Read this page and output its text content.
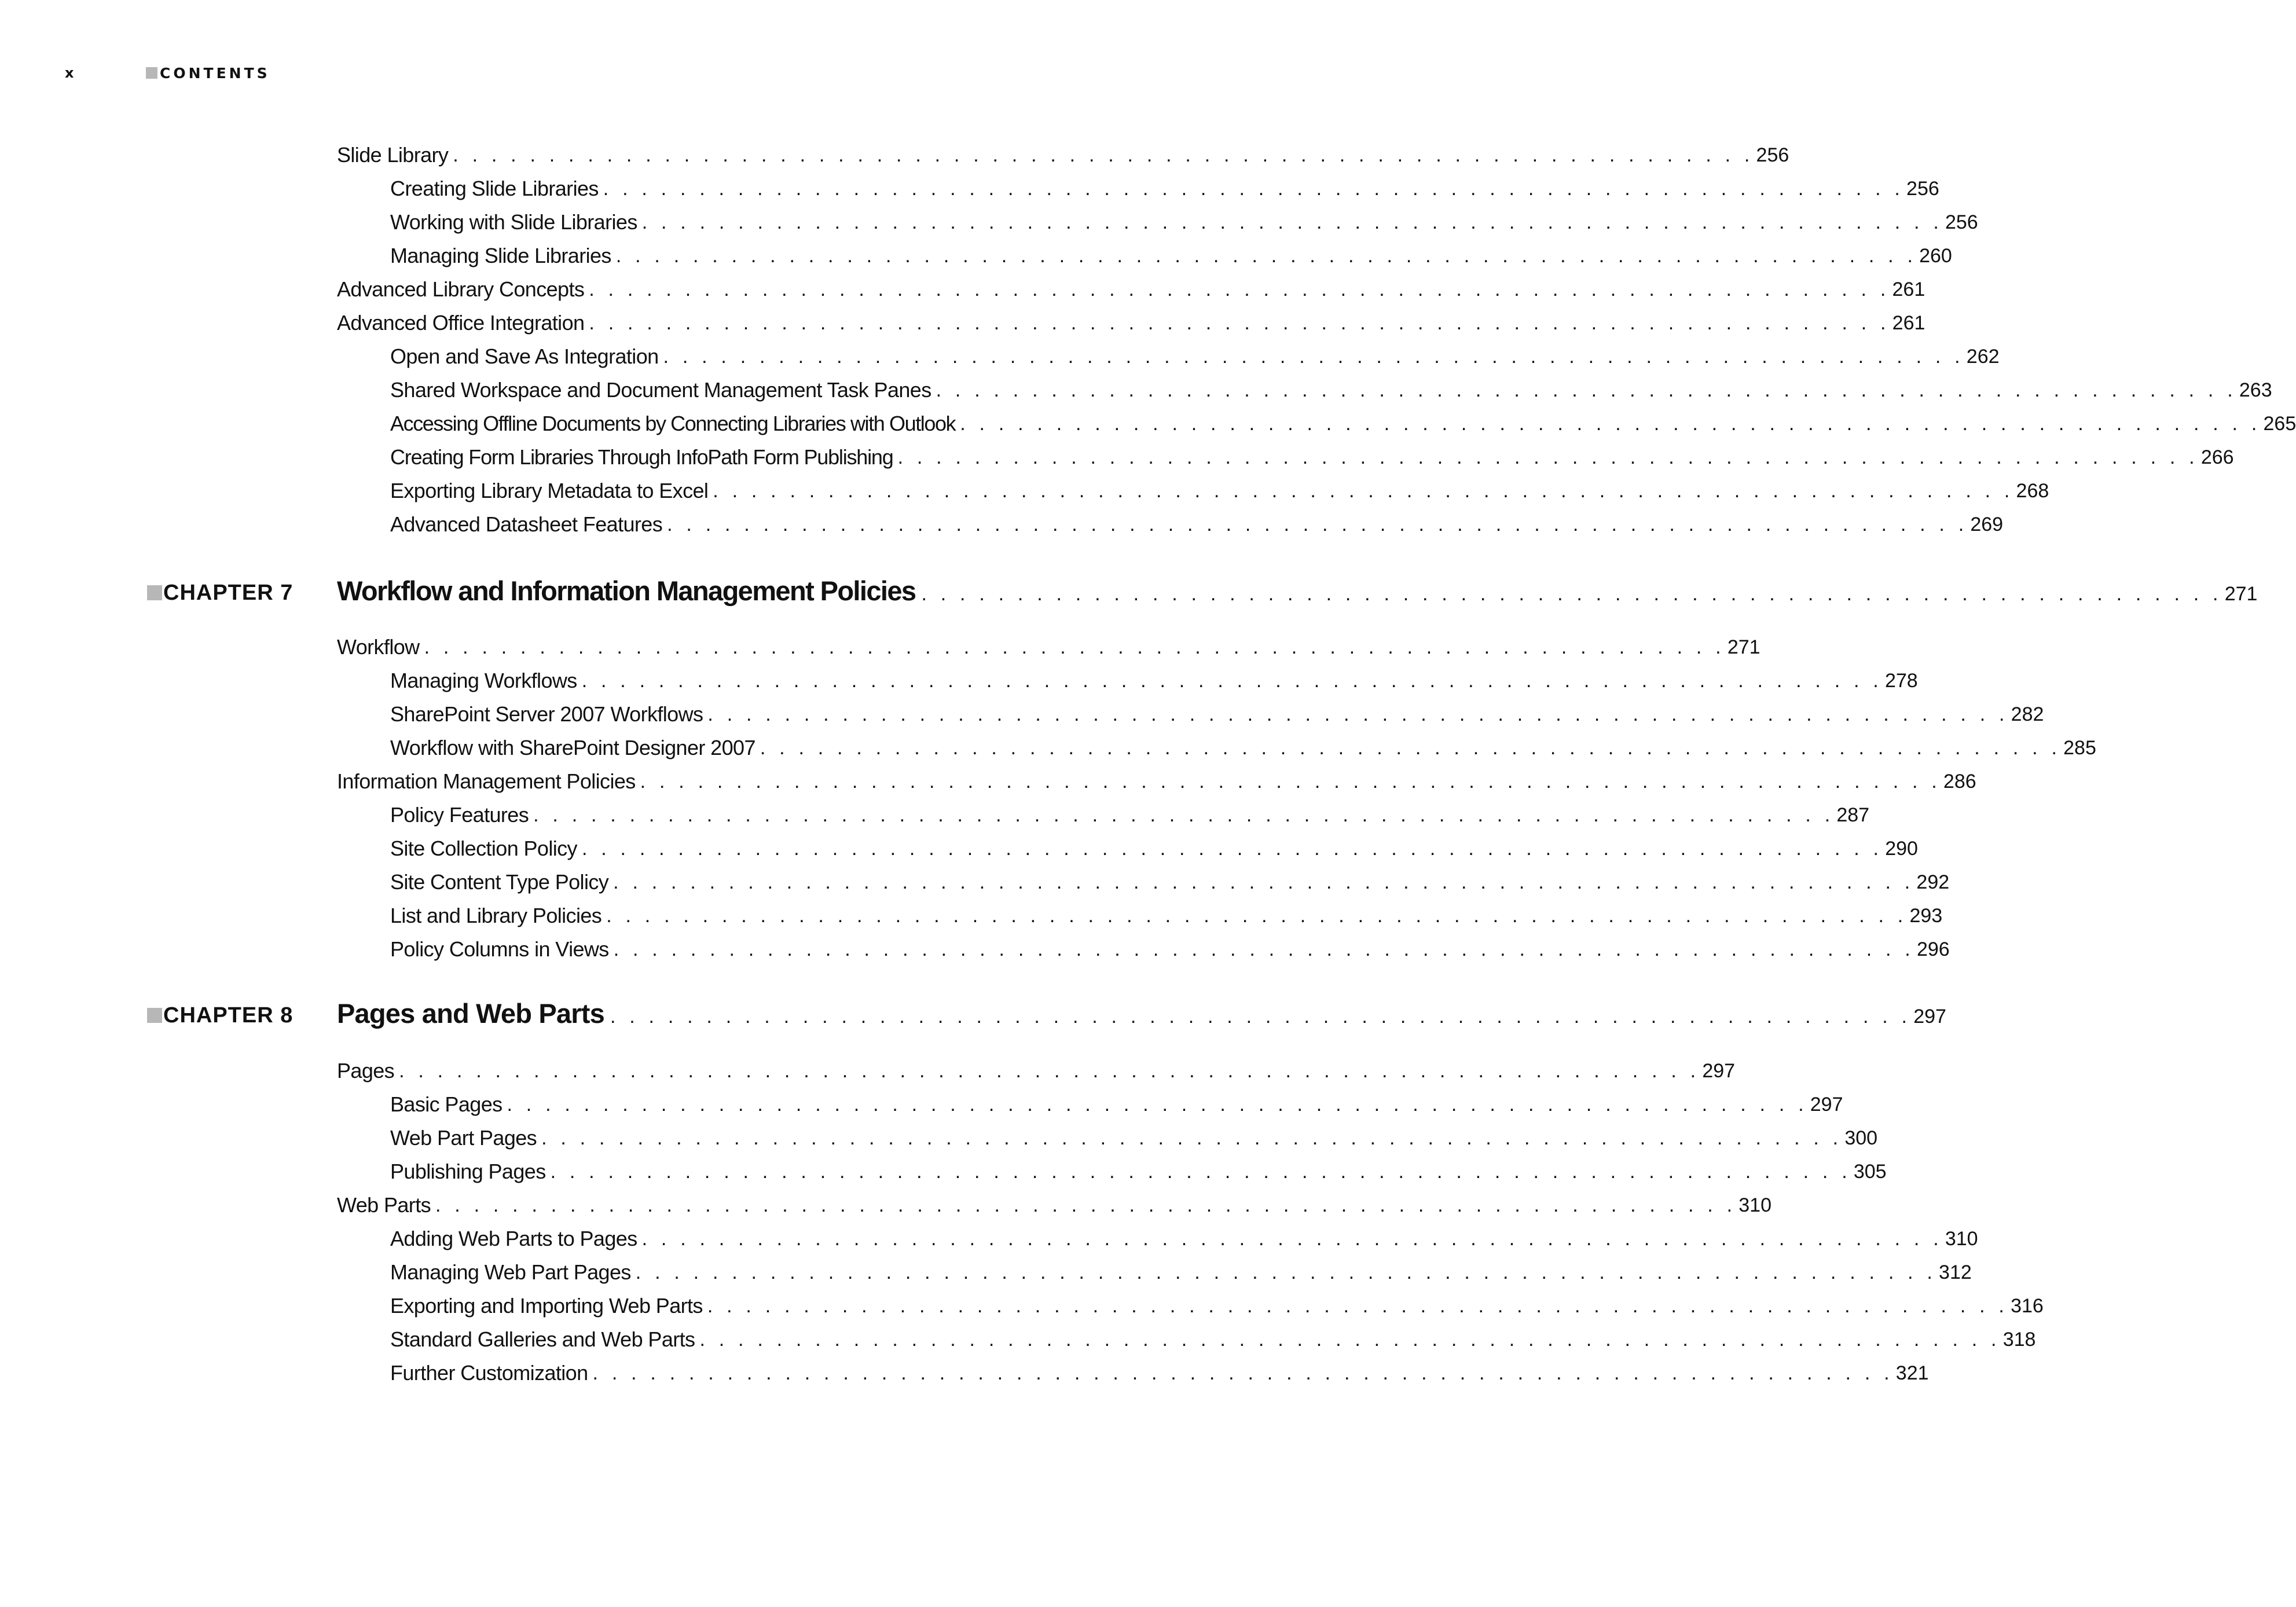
x	CONTENTS
Slide Library . . . . . . . . . . . . . . . . . . . . . . . . . . . . . . . . . . . . . . . . . . . . . . . . . . . . . . . . . . . . . . . . . . . . 256
Creating Slide Libraries . . . . . . . . . . . . . . . . . . . . . . . . . . . . . . . . . . . . . . . . . . . . . . . . . . . . . . . . . . . . . . . . . . . . 256
Working with Slide Libraries . . . . . . . . . . . . . . . . . . . . . . . . . . . . . . . . . . . . . . . . . . . . . . . . . . . . . . . . . . . . . . . . . . . . 256
Managing Slide Libraries . . . . . . . . . . . . . . . . . . . . . . . . . . . . . . . . . . . . . . . . . . . . . . . . . . . . . . . . . . . . . . . . . . . . 260
Advanced Library Concepts . . . . . . . . . . . . . . . . . . . . . . . . . . . . . . . . . . . . . . . . . . . . . . . . . . . . . . . . . . . . . . . . . . . . 261
Advanced Office Integration . . . . . . . . . . . . . . . . . . . . . . . . . . . . . . . . . . . . . . . . . . . . . . . . . . . . . . . . . . . . . . . . . . . . 261
Open and Save As Integration . . . . . . . . . . . . . . . . . . . . . . . . . . . . . . . . . . . . . . . . . . . . . . . . . . . . . . . . . . . . . . . . . . . . 262
Shared Workspace and Document Management Task Panes . . . . . . . . . . . . . . . . . . . . . . . . . . . . . . . . . . . . . . . . . . . . . . . . . . . . . . . . . . . . . . . . . . . . 263
Accessing Offline Documents by Connecting Libraries with Outlook . . . . . . . . . . . . . . . . . . . . . . . . . . . . . . . . . . . . . . . . . . . . . . . . . . . . . . . . . . . . . . . . . . . . 265
Creating Form Libraries Through InfoPath Form Publishing . . . . . . . . . . . . . . . . . . . . . . . . . . . . . . . . . . . . . . . . . . . . . . . . . . . . . . . . . . . . . . . . . . . . 266
Exporting Library Metadata to Excel . . . . . . . . . . . . . . . . . . . . . . . . . . . . . . . . . . . . . . . . . . . . . . . . . . . . . . . . . . . . . . . . . . . . 268
Advanced Datasheet Features . . . . . . . . . . . . . . . . . . . . . . . . . . . . . . . . . . . . . . . . . . . . . . . . . . . . . . . . . . . . . . . . . . . . 269
CHAPTER 7 Workflow and Information Management Policies . . . . . . . . . . . . . . . . . . . . . . . . . . . . . . . . . . . . . . . . . . . . . . . . . . . . . . . . . . . . . . . . . . . . 271
Workflow . . . . . . . . . . . . . . . . . . . . . . . . . . . . . . . . . . . . . . . . . . . . . . . . . . . . . . . . . . . . . . . . . . . . 271
Managing Workflows . . . . . . . . . . . . . . . . . . . . . . . . . . . . . . . . . . . . . . . . . . . . . . . . . . . . . . . . . . . . . . . . . . . . 278
SharePoint Server 2007 Workflows . . . . . . . . . . . . . . . . . . . . . . . . . . . . . . . . . . . . . . . . . . . . . . . . . . . . . . . . . . . . . . . . . . . . 282
Workflow with SharePoint Designer 2007 . . . . . . . . . . . . . . . . . . . . . . . . . . . . . . . . . . . . . . . . . . . . . . . . . . . . . . . . . . . . . . . . . . . . 285
Information Management Policies . . . . . . . . . . . . . . . . . . . . . . . . . . . . . . . . . . . . . . . . . . . . . . . . . . . . . . . . . . . . . . . . . . . . 286
Policy Features . . . . . . . . . . . . . . . . . . . . . . . . . . . . . . . . . . . . . . . . . . . . . . . . . . . . . . . . . . . . . . . . . . . . 287
Site Collection Policy . . . . . . . . . . . . . . . . . . . . . . . . . . . . . . . . . . . . . . . . . . . . . . . . . . . . . . . . . . . . . . . . . . . . 290
Site Content Type Policy . . . . . . . . . . . . . . . . . . . . . . . . . . . . . . . . . . . . . . . . . . . . . . . . . . . . . . . . . . . . . . . . . . . . 292
List and Library Policies . . . . . . . . . . . . . . . . . . . . . . . . . . . . . . . . . . . . . . . . . . . . . . . . . . . . . . . . . . . . . . . . . . . . 293
Policy Columns in Views . . . . . . . . . . . . . . . . . . . . . . . . . . . . . . . . . . . . . . . . . . . . . . . . . . . . . . . . . . . . . . . . . . . . 296
CHAPTER 8 Pages and Web Parts . . . . . . . . . . . . . . . . . . . . . . . . . . . . . . . . . . . . . . . . . . . . . . . . . . . . . . . . . . . . . . . . . . . . 297
Pages . . . . . . . . . . . . . . . . . . . . . . . . . . . . . . . . . . . . . . . . . . . . . . . . . . . . . . . . . . . . . . . . . . . . 297
Basic Pages . . . . . . . . . . . . . . . . . . . . . . . . . . . . . . . . . . . . . . . . . . . . . . . . . . . . . . . . . . . . . . . . . . . . 297
Web Part Pages . . . . . . . . . . . . . . . . . . . . . . . . . . . . . . . . . . . . . . . . . . . . . . . . . . . . . . . . . . . . . . . . . . . . 300
Publishing Pages . . . . . . . . . . . . . . . . . . . . . . . . . . . . . . . . . . . . . . . . . . . . . . . . . . . . . . . . . . . . . . . . . . . . 305
Web Parts . . . . . . . . . . . . . . . . . . . . . . . . . . . . . . . . . . . . . . . . . . . . . . . . . . . . . . . . . . . . . . . . . . . . 310
Adding Web Parts to Pages . . . . . . . . . . . . . . . . . . . . . . . . . . . . . . . . . . . . . . . . . . . . . . . . . . . . . . . . . . . . . . . . . . . . 310
Managing Web Part Pages . . . . . . . . . . . . . . . . . . . . . . . . . . . . . . . . . . . . . . . . . . . . . . . . . . . . . . . . . . . . . . . . . . . . 312
Exporting and Importing Web Parts . . . . . . . . . . . . . . . . . . . . . . . . . . . . . . . . . . . . . . . . . . . . . . . . . . . . . . . . . . . . . . . . . . . . 316
Standard Galleries and Web Parts . . . . . . . . . . . . . . . . . . . . . . . . . . . . . . . . . . . . . . . . . . . . . . . . . . . . . . . . . . . . . . . . . . . . 318
Further Customization . . . . . . . . . . . . . . . . . . . . . . . . . . . . . . . . . . . . . . . . . . . . . . . . . . . . . . . . . . . . . . . . . . . . 321
